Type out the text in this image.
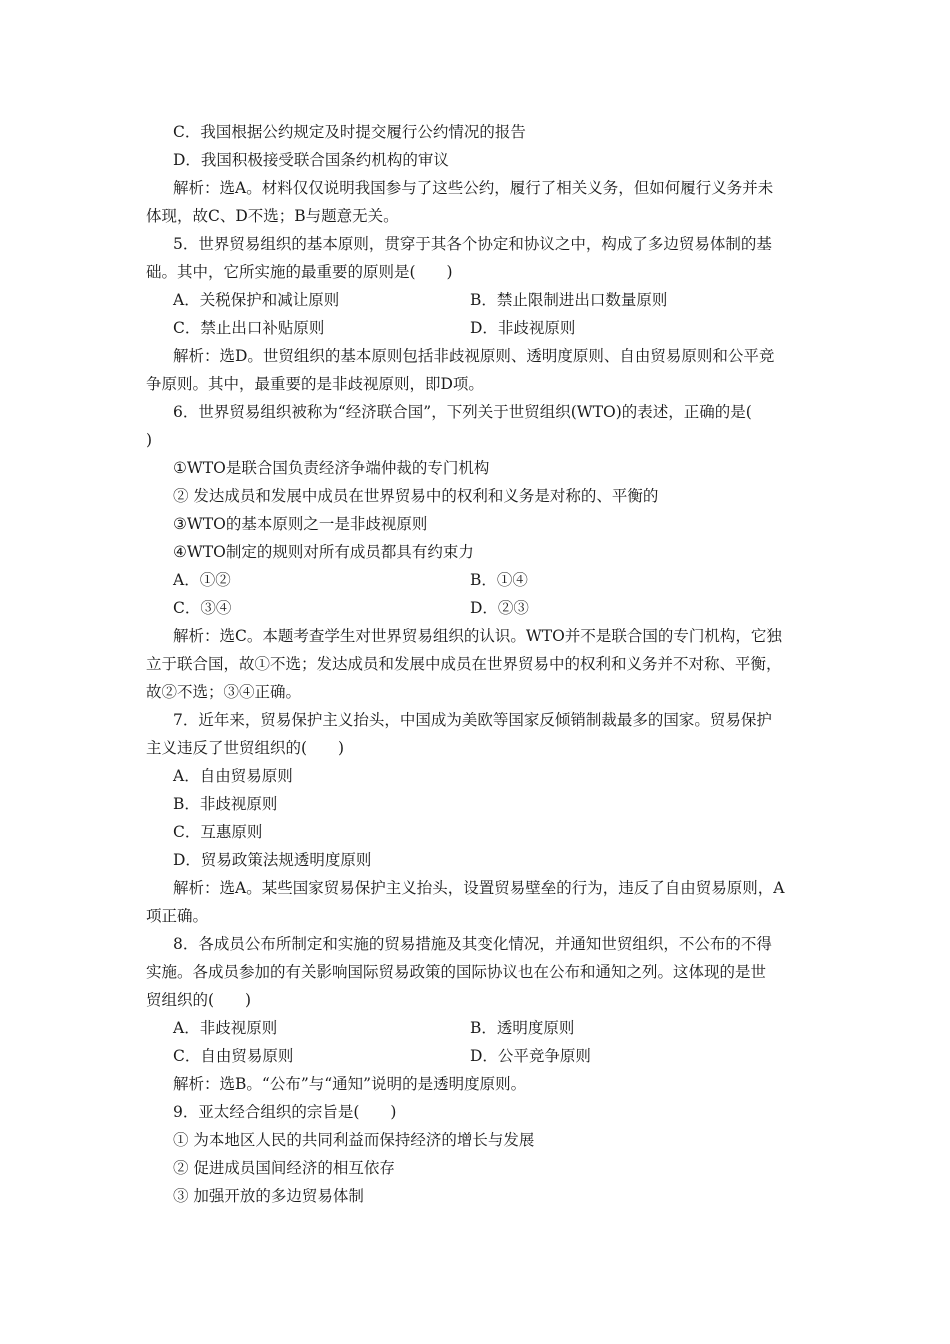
C．我国根据公约规定及时提交履行公约情况的报告
D．我国积极接受联合国条约机构的审议
解析：选A。材料仅仅说明我国参与了这些公约，履行了相关义务，但如何履行义务并未
体现，故C、D不选；B与题意无关。
5．世界贸易组织的基本原则，贯穿于其各个协定和协议之中，构成了多边贸易体制的基
础。其中，它所实施的最重要的原则是(　　)
A．关税保护和减让原则	B．禁止限制进出口数量原则
C．禁止出口补贴原则	D．非歧视原则
解析：选D。世贸组织的基本原则包括非歧视原则、透明度原则、自由贸易原则和公平竞
争原则。其中，最重要的是非歧视原则，即D项。
6．世界贸易组织被称为“经济联合国”，下列关于世贸组织(WTO)的表述，正确的是(
)
①WTO是联合国负责经济争端仲裁的专门机构
② 发达成员和发展中成员在世界贸易中的权利和义务是对称的、平衡的
③WTO的基本原则之一是非歧视原则
④WTO制定的规则对所有成员都具有约束力
A．①②	B．①④
C．③④	D．②③
解析：选C。本题考查学生对世界贸易组织的认识。WTO并不是联合国的专门机构，它独
立于联合国，故①不选；发达成员和发展中成员在世界贸易中的权利和义务并不对称、平衡，
故②不选；③④正确。
7．近年来，贸易保护主义抬头，中国成为美欧等国家反倾销制裁最多的国家。贸易保护
主义违反了世贸组织的(　　)
A．自由贸易原则
B．非歧视原则
C．互惠原则
D．贸易政策法规透明度原则
解析：选A。某些国家贸易保护主义抬头，设置贸易壁垒的行为，违反了自由贸易原则，A
项正确。
8．各成员公布所制定和实施的贸易措施及其变化情况，并通知世贸组织，不公布的不得
实施。各成员参加的有关影响国际贸易政策的国际协议也在公布和通知之列。这体现的是世
贸组织的(　　)
A．非歧视原则	B．透明度原则
C．自由贸易原则	D．公平竞争原则
解析：选B。“公布”与“通知”说明的是透明度原则。
9．亚太经合组织的宗旨是(　　)
① 为本地区人民的共同利益而保持经济的增长与发展
② 促进成员国间经济的相互依存
③ 加强开放的多边贸易体制
